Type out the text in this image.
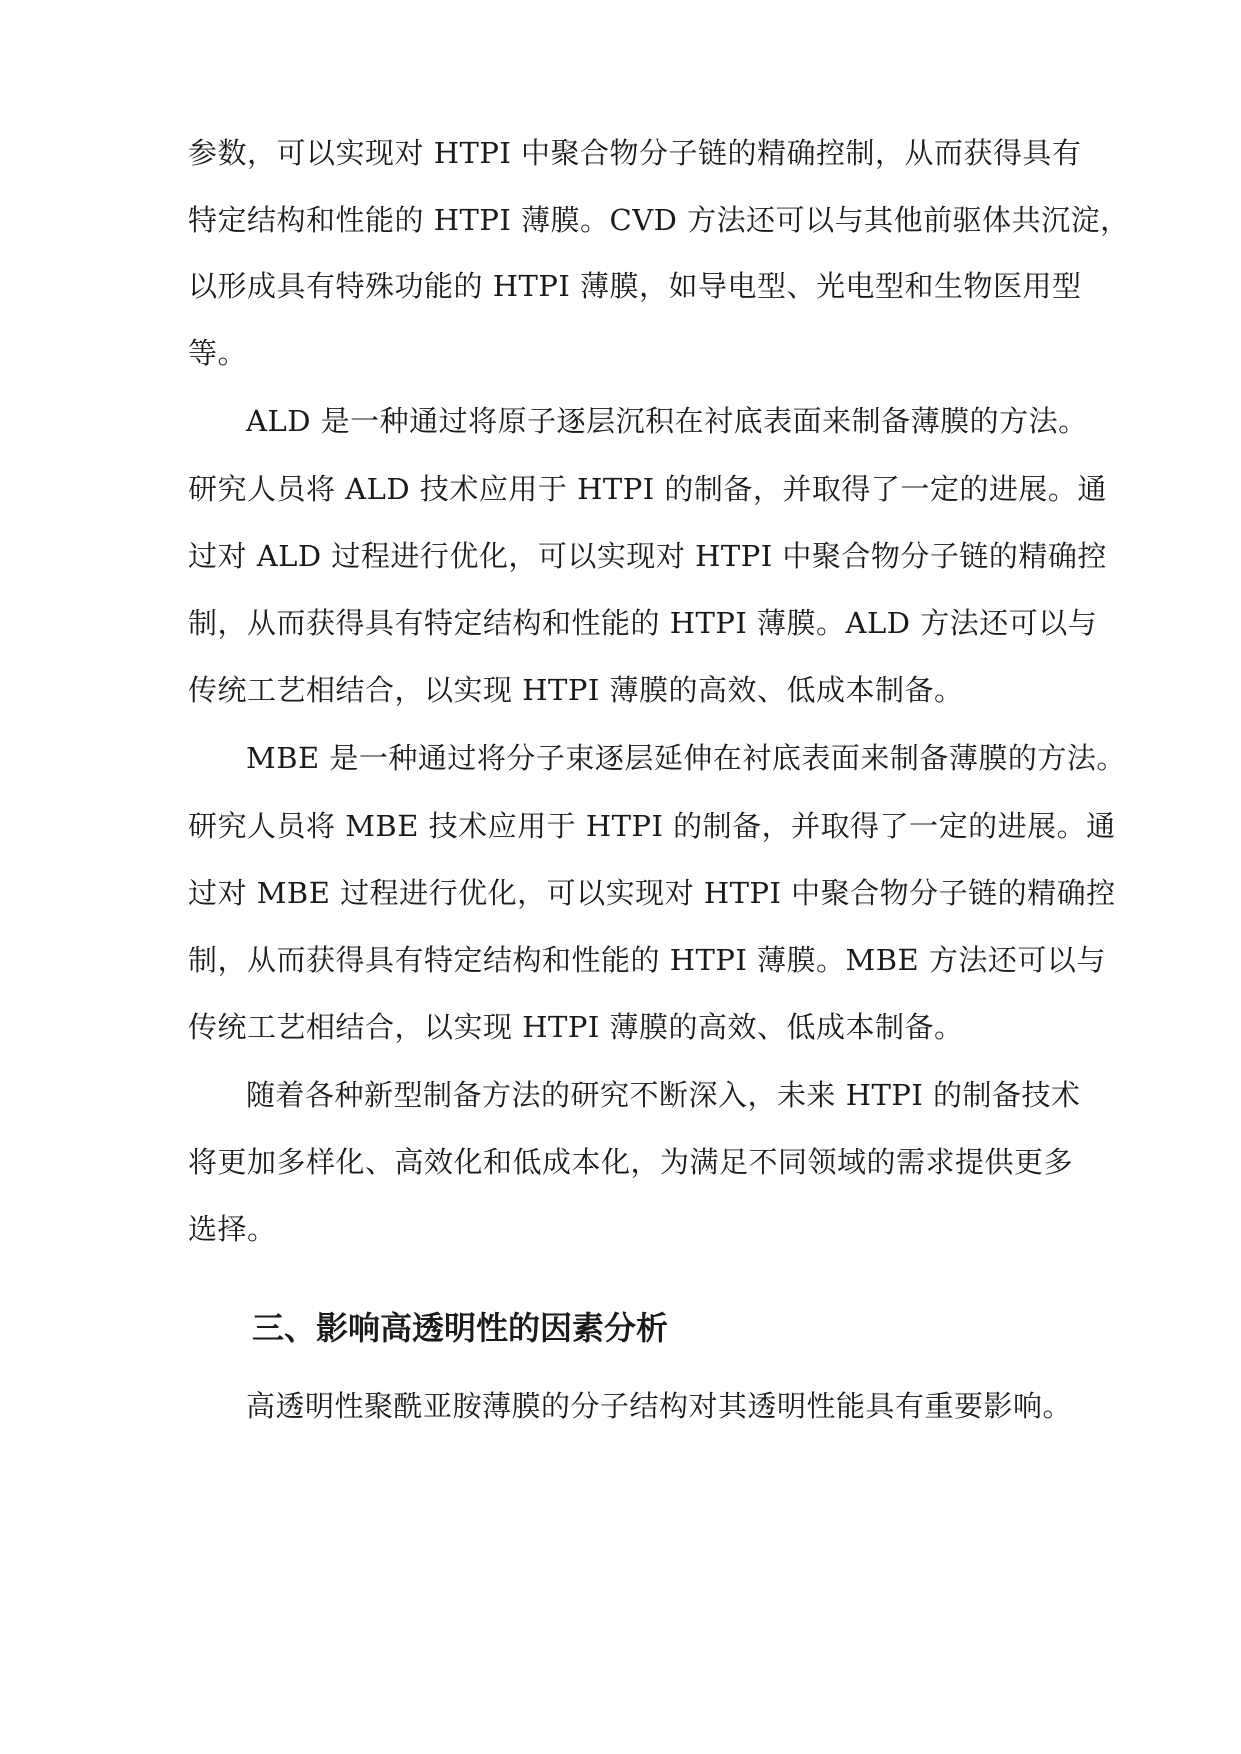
参数，可以实现对 HTPI 中聚合物分子链的精确控制，从而获得具有
特定结构和性能的 HTPI 薄膜。CVD 方法还可以与其他前驱体共沉淀，
以形成具有特殊功能的 HTPI 薄膜，如导电型、光电型和生物医用型
等。
ALD 是一种通过将原子逐层沉积在衬底表面来制备薄膜的方法。
研究人员将 ALD 技术应用于 HTPI 的制备，并取得了一定的进展。通
过对 ALD 过程进行优化，可以实现对 HTPI 中聚合物分子链的精确控
制，从而获得具有特定结构和性能的 HTPI 薄膜。ALD 方法还可以与
传统工艺相结合，以实现 HTPI 薄膜的高效、低成本制备。
MBE 是一种通过将分子束逐层延伸在衬底表面来制备薄膜的方法。
研究人员将 MBE 技术应用于 HTPI 的制备，并取得了一定的进展。通
过对 MBE 过程进行优化，可以实现对 HTPI 中聚合物分子链的精确控
制，从而获得具有特定结构和性能的 HTPI 薄膜。MBE 方法还可以与
传统工艺相结合，以实现 HTPI 薄膜的高效、低成本制备。
随着各种新型制备方法的研究不断深入，未来 HTPI 的制备技术
将更加多样化、高效化和低成本化，为满足不同领域的需求提供更多
选择。
三、影响高透明性的因素分析
高透明性聚酰亚胺薄膜的分子结构对其透明性能具有重要影响。
